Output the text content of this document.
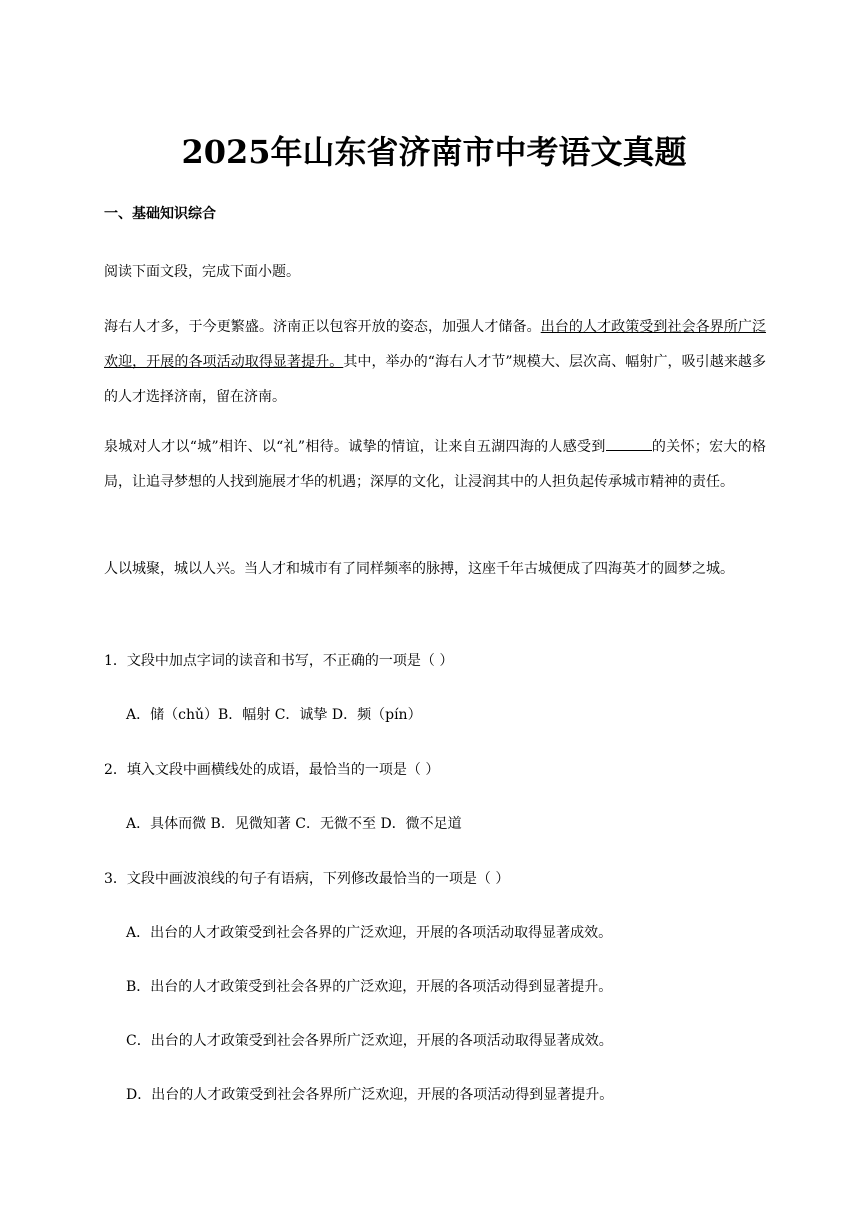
2025年山东省济南市中考语文真题
一、基础知识综合
阅读下面文段，完成下面小题。
海右人才多，于今更繁盛。济南正以包容开放的姿态，加强人才储备。出台的人才政策受到社会各界所广泛欢迎，开展的各项活动取得显著提升。其中，举办的“海右人才节”规模大、层次高、幅射广，吸引越来越多的人才选择济南，留在济南。
泉城对人才以“城”相许、以“礼”相待。诚挚的情谊，让来自五湖四海的人感受到	的关怀；宏大的格局，让追寻梦想的人找到施展才华的机遇；深厚的文化，让浸润其中的人担负起传承城市精神的责任。
人以城聚，城以人兴。当人才和城市有了同样频率的脉搏，这座千年古城便成了四海英才的圆梦之城。
1．文段中加点字词的读音和书写，不正确的一项是（ ）
A．储（chǔ）B．幅射 C．诚挚 D．频（pín）
2．填入文段中画横线处的成语，最恰当的一项是（ ）
A．具体而微 B．见微知著 C．无微不至 D．微不足道
3．文段中画波浪线的句子有语病，下列修改最恰当的一项是（ ）
A．出台的人才政策受到社会各界的广泛欢迎，开展的各项活动取得显著成效。
B．出台的人才政策受到社会各界的广泛欢迎，开展的各项活动得到显著提升。
C．出台的人才政策受到社会各界所广泛欢迎，开展的各项活动取得显著成效。
D．出台的人才政策受到社会各界所广泛欢迎，开展的各项活动得到显著提升。
